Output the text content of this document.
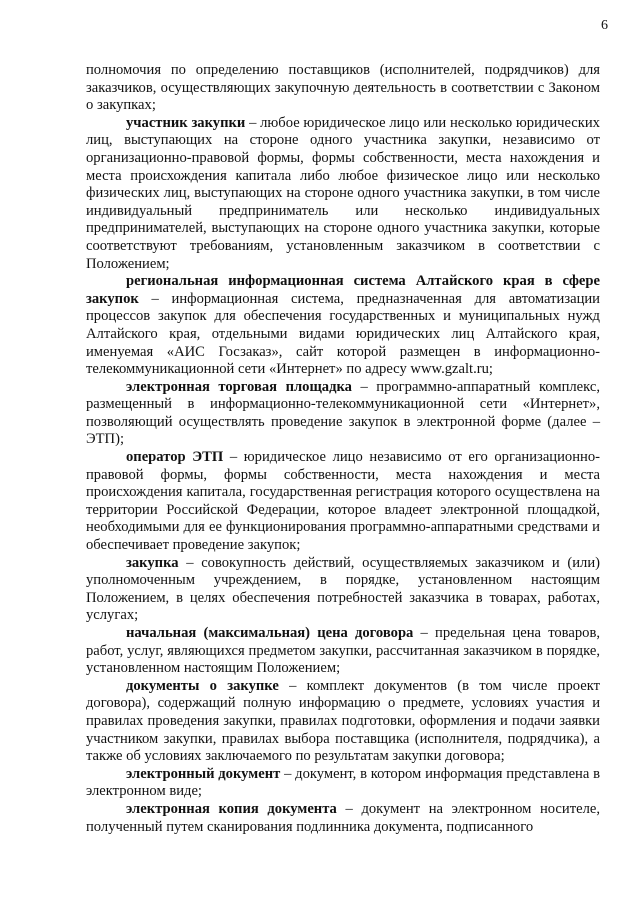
6

полномочия по определению поставщиков (исполнителей, подрядчиков) для заказчиков, осуществляющих закупочную деятельность в соответствии с Законом о закупках;

участник закупки – любое юридическое лицо или несколько юридических лиц, выступающих на стороне одного участника закупки, независимо от организационно-правовой формы, формы собственности, места нахождения и места происхождения капитала либо любое физическое лицо или несколько физических лиц, выступающих на стороне одного участника закупки, в том числе индивидуальный предприниматель или несколько индивидуальных предпринимателей, выступающих на стороне одного участника закупки, которые соответствуют требованиям, установленным заказчиком в соответствии с Положением;

региональная информационная система Алтайского края в сфере закупок – информационная система, предназначенная для автоматизации процессов закупок для обеспечения государственных и муниципальных нужд Алтайского края, отдельными видами юридических лиц Алтайского края, именуемая «АИС Госзаказ», сайт которой размещен в информационно-телекоммуникационной сети «Интернет» по адресу www.gzalt.ru;

электронная торговая площадка – программно-аппаратный комплекс, размещенный в информационно-телекоммуникационной сети «Интернет», позволяющий осуществлять проведение закупок в электронной форме (далее – ЭТП);

оператор ЭТП – юридическое лицо независимо от его организационно-правовой формы, формы собственности, места нахождения и места происхождения капитала, государственная регистрация которого осуществлена на территории Российской Федерации, которое владеет электронной площадкой, необходимыми для ее функционирования программно-аппаратными средствами и обеспечивает проведение закупок;

закупка – совокупность действий, осуществляемых заказчиком и (или) уполномоченным учреждением, в порядке, установленном настоящим Положением, в целях обеспечения потребностей заказчика в товарах, работах, услугах;

начальная (максимальная) цена договора – предельная цена товаров, работ, услуг, являющихся предметом закупки, рассчитанная заказчиком в порядке, установленном настоящим Положением;

документы о закупке – комплект документов (в том числе проект договора), содержащий полную информацию о предмете, условиях участия и правилах проведения закупки, правилах подготовки, оформления и подачи заявки участником закупки, правилах выбора поставщика (исполнителя, подрядчика), а также об условиях заключаемого по результатам закупки договора;

электронный документ – документ, в котором информация представлена в электронном виде;

электронная копия документа – документ на электронном носителе, полученный путем сканирования подлинника документа, подписанного
